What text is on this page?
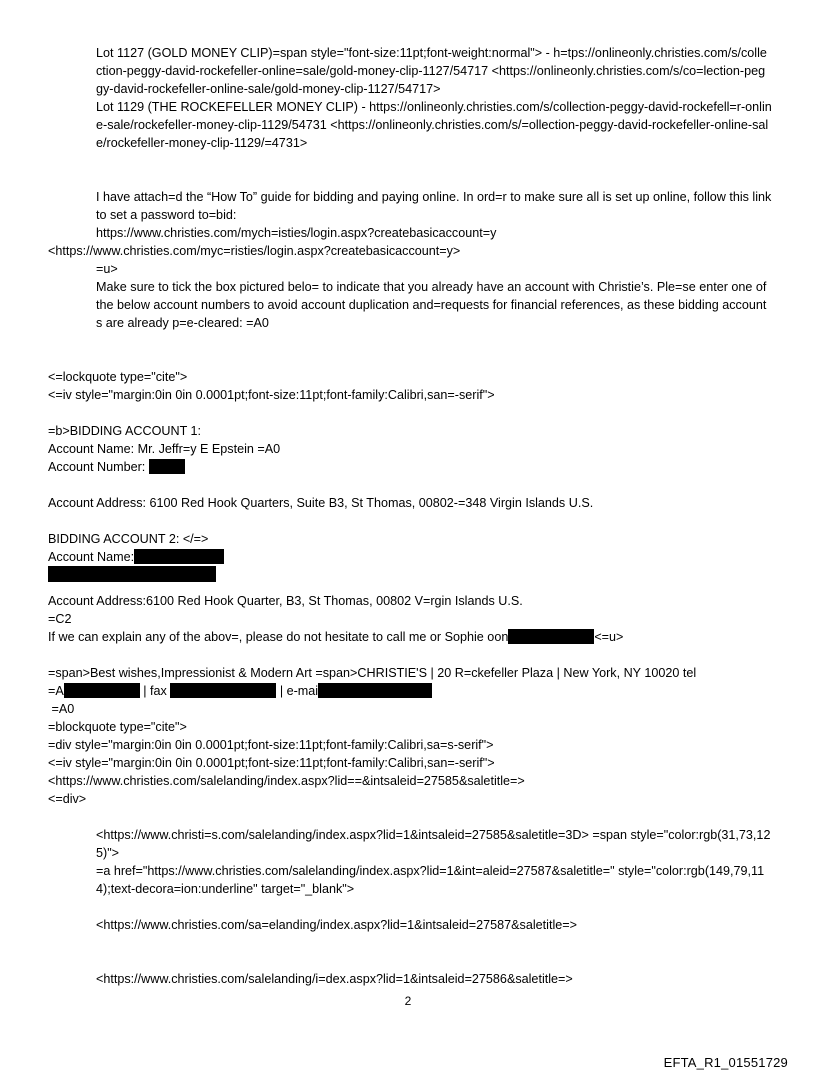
Lot 1127 (GOLD MONEY CLIP)=span style="font-size:11pt;font-weight:normal"> - h=tps://onlineonly.christies.com/s/collection-peggy-david-rockefeller-online=sale/gold-money-clip-1127/54717 <https://onlineonly.christies.com/s/co=lection-peggy-david-rockefeller-online-sale/gold-money-clip-1127/54717>
Lot 1129 (THE ROCKEFELLER MONEY CLIP) - https://onlineonly.christies.com/s/collection-peggy-david-rockefell=r-online-sale/rockefeller-money-clip-1129/54731 <https://onlineonly.christies.com/s/=ollection-peggy-david-rockefeller-online-sale/rockefeller-money-clip-1129/=4731>
I have attach=d the “How To” guide for bidding and paying online. In ord=r to make sure all is set up online, follow this link to set a password to=bid:
https://www.christies.com/mych=isties/login.aspx?createbasicaccount=y
<https://www.christies.com/myc=risties/login.aspx?createbasicaccount=y>
=u>
Make sure to tick the box pictured belo= to indicate that you already have an account with Christie’s. Ple=se enter one of the below account numbers to avoid account duplication and=requests for financial references, as these bidding accounts are already p=e-cleared: =A0
<=lockquote type="cite">
<=iv style="margin:0in 0in 0.0001pt;font-size:11pt;font-family:Calibri,san=-serif">
=b>BIDDING ACCOUNT 1:
Account Name: Mr. Jeffr=y E Epstein =A0
Account Number:
Account Address: 6100 Red Hook Quarters, Suite B3, St Thomas, 00802-=348 Virgin Islands U.S.
BIDDING ACCOUNT 2: </=>
Account Name:
Account Address:6100 Red Hook Quarter, B3, St Thomas, 00802 V=rgin Islands U.S.
=C2
If we can explain any of the abov=, please do not hesitate to call me or Sophie oon	<=u>
=span>Best wishes,Impressionist & Modern Art =span>CHRISTIE'S | 20 R=ckefeller Plaza | New York, NY 10020 tel
=A	| fax	| e-mai
=A0
=blockquote type="cite">
=div style="margin:0in 0in 0.0001pt;font-size:11pt;font-family:Calibri,sa=s-serif">
<=iv style="margin:0in 0in 0.0001pt;font-size:11pt;font-family:Calibri,san=-serif">
<https://www.christies.com/salelanding/index.aspx?lid==&intsaleid=27585&saletitle=>
<=div>
<https://www.christi=s.com/salelanding/index.aspx?lid=1&intsaleid=27585&saletitle=3D> =span style="color:rgb(31,73,125)">
=a href="https://www.christies.com/salelanding/index.aspx?lid=1&int=aleid=27587&saletitle=" style="color:rgb(149,79,114);text-decora=ion:underline" target="_blank">
<https://www.christies.com/sa=elanding/index.aspx?lid=1&intsaleid=27587&saletitle=>
<https://www.christies.com/salelanding/i=dex.aspx?lid=1&intsaleid=27586&saletitle=>
2
EFTA_R1_01551729
